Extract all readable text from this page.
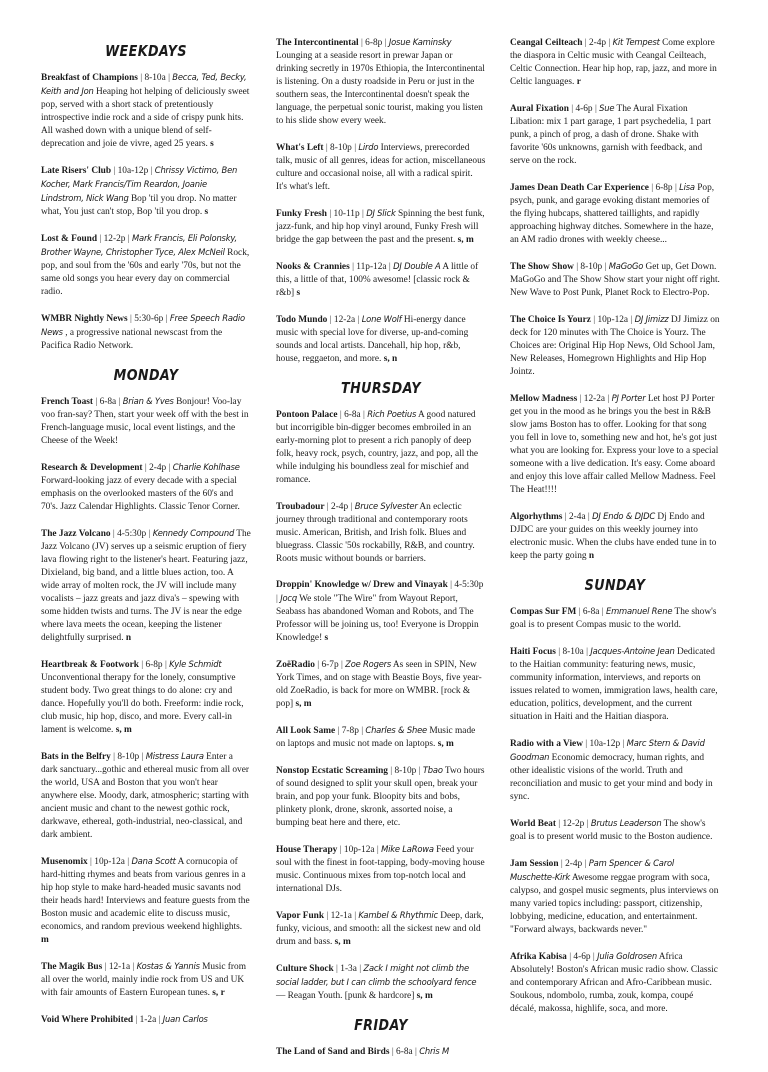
WEEKDAYS

Breakfast of Champions | 8-10a | Becca, Ted, Becky, Keith and Jon Heaping hot helping of deliciously sweet pop, served with a short stack of pretentiously introspective indie rock and a side of crispy punk hits. All washed down with a unique blend of self-deprecation and joie de vivre, aged 25 years. s

Late Risers' Club | 10a-12p | Chrissy Victimo, Ben Kocher, Mark Francis/Tim Reardon, Joanie Lindstrom, Nick Wang Bop 'til you drop. No matter what, You just can't stop, Bop 'til you drop. s

Lost & Found | 12-2p | Mark Francis, Eli Polonsky, Brother Wayne, Christopher Tyce, Alex McNeil Rock, pop, and soul from the '60s and early '70s, but not the same old songs you hear every day on commercial radio.

WMBR Nightly News | 5:30-6p | Free Speech Radio News , a progressive national newscast from the Pacifica Radio Network.

MONDAY

French Toast | 6-8a | Brian & Yves Bonjour! Voo-lay voo fran-say? Then, start your week off with the best in French-language music, local event listings, and the Cheese of the Week!

Research & Development | 2-4p | Charlie Kohlhase Forward-looking jazz of every decade with a special emphasis on the overlooked masters of the 60's and 70's. Jazz Calendar Highlights. Classic Tenor Corner.

The Jazz Volcano | 4-5:30p | Kennedy Compound The Jazz Volcano (JV) serves up a seismic eruption of fiery lava flowing right to the listener's heart. Featuring jazz, Dixieland, big band, and a little blues action, too. A wide array of molten rock, the JV will include many vocalists – jazz greats and jazz diva's – spewing with some hidden twists and turns. The JV is near the edge where lava meets the ocean, keeping the listener delightfully surprised. n

Heartbreak & Footwork | 6-8p | Kyle Schmidt Unconventional therapy for the lonely, consumptive student body. Two great things to do alone: cry and dance. Hopefully you'll do both. Freeform: indie rock, club music, hip hop, disco, and more. Every call-in lament is welcome. s, m

Bats in the Belfry | 8-10p | Mistress Laura Enter a dark sanctuary...gothic and ethereal music from all over the world, USA and Boston that you won't hear anywhere else. Moody, dark, atmospheric; starting with ancient music and chant to the newest gothic rock, darkwave, ethereal, goth-industrial, neo-classical, and dark ambient.

Musenomix | 10p-12a | Dana Scott A cornucopia of hard-hitting rhymes and beats from various genres in a hip hop style to make hard-headed music savants nod their heads hard! Interviews and feature guests from the Boston music and academic elite to discuss music, economics, and random previous weekend highlights. m

The Magik Bus | 12-1a | Kostas & Yannis Music from all over the world, mainly indie rock from US and UK with fair amounts of Eastern European tunes. s, r

Void Where Prohibited | 1-2a | Juan Carlos

The Intercontinental | 6-8p | Josue Kaminsky Lounging at a seaside resort in prewar Japan or drinking secretly in 1970s Ethiopia, the Intercontinental is listening. On a dusty roadside in Peru or just in the southern seas, the Intercontinental doesn't speak the language, the perpetual sonic tourist, making you listen to his slide show every week.

What's Left | 8-10p | Lirdo Interviews, prerecorded talk, music of all genres, ideas for action, miscellaneous culture and occasional noise, all with a radical spirit. It's what's left.

Funky Fresh | 10-11p | DJ Slick Spinning the best funk, jazz-funk, and hip hop vinyl around, Funky Fresh will bridge the gap between the past and the present. s, m

Nooks & Crannies | 11p-12a | DJ Double A A little of this, a little of that, 100% awesome! [classic rock & r&b] s

Todo Mundo | 12-2a | Lone Wolf Hi-energy dance music with special love for diverse, up-and-coming sounds and local artists. Dancehall, hip hop, r&b, house, reggaeton, and more. s, n

THURSDAY

Pontoon Palace | 6-8a | Rich Poetius A good natured but incorrigible bin-digger becomes embroiled in an early-morning plot to present a rich panoply of deep folk, heavy rock, psych, country, jazz, and pop, all the while indulging his boundless zeal for mischief and romance.

Troubadour | 2-4p | Bruce Sylvester An eclectic journey through traditional and contemporary roots music. American, British, and Irish folk. Blues and bluegrass. Classic '50s rockabilly, R&B, and country. Roots music without bounds or barriers.

Droppin' Knowledge w/ Drew and Vinayak | 4-5:30p | Jocq We stole "The Wire" from Wayout Report, Seabass has abandoned Woman and Robots, and The Professor will be joining us, too! Everyone is Droppin Knowledge! s

ZoëRadio | 6-7p | Zoe Rogers As seen in SPIN, New York Times, and on stage with Beastie Boys, five year-old ZoeRadio, is back for more on WMBR. [rock & pop] s, m

All Look Same | 7-8p | Charles & Shee Music made on laptops and music not made on laptops. s, m

Nonstop Ecstatic Screaming | 8-10p | Tbao Two hours of sound designed to split your skull open, break your brain, and pop your funk. Bloopity bits and bobs, plinkety plonk, drone, skronk, assorted noise, a bumping beat here and there, etc.

House Therapy | 10p-12a | Mike LaRowa Feed your soul with the finest in foot-tapping, body-moving house music. Continuous mixes from top-notch local and international DJs.

Vapor Funk | 12-1a | Kambel & Rhythmic Deep, dark, funky, vicious, and smooth: all the sickest new and old drum and bass. s, m

Culture Shock | 1-3a | Zack I might not climb the social ladder, but I can climb the schoolyard fence — Reagan Youth. [punk & hardcore] s, m

FRIDAY

The Land of Sand and Birds | 6-8a | Chris M

Ceangal Ceilteach | 2-4p | Kit Tempest Come explore the diaspora in Celtic music with Ceangal Ceilteach, Celtic Connection. Hear hip hop, rap, jazz, and more in Celtic languages. r

Aural Fixation | 4-6p | Sue The Aural Fixation Libation: mix 1 part garage, 1 part psychedelia, 1 part punk, a pinch of prog, a dash of drone. Shake with favorite '60s unknowns, garnish with feedback, and serve on the rock.

James Dean Death Car Experience | 6-8p | Lisa Pop, psych, punk, and garage evoking distant memories of the flying hubcaps, shattered taillights, and rapidly approaching highway ditches. Somewhere in the haze, an AM radio drones with weekly cheese...

The Show Show | 8-10p | MaGoGo Get up, Get Down. MaGoGo and The Show Show start your night off right. New Wave to Post Punk, Planet Rock to Electro-Pop.

The Choice Is Yourz | 10p-12a | DJ Jimizz DJ Jimizz on deck for 120 minutes with The Choice is Yourz. The Choices are: Original Hip Hop News, Old School Jam, New Releases, Homegrown Highlights and Hip Hop Jointz.

Mellow Madness | 12-2a | PJ Porter Let host PJ Porter get you in the mood as he brings you the best in R&B slow jams Boston has to offer. Looking for that song you fell in love to, something new and hot, he's got just what you are looking for. Express your love to a special someone with a live dedication. It's easy. Come aboard and enjoy this love affair called Mellow Madness. Feel The Heat!!!!

Algorhythms | 2-4a | DJ Endo & DJDC Dj Endo and DJDC are your guides on this weekly journey into electronic music. When the clubs have ended tune in to keep the party going n

SUNDAY

Compas Sur FM | 6-8a | Emmanuel Rene The show's goal is to present Compas music to the world.

Haiti Focus | 8-10a | Jacques-Antoine Jean Dedicated to the Haitian community: featuring news, music, community information, interviews, and reports on issues related to women, immigration laws, health care, education, politics, development, and the current situation in Haiti and the Haitian diaspora.

Radio with a View | 10a-12p | Marc Stern & David Goodman Economic democracy, human rights, and other idealistic visions of the world. Truth and reconciliation and music to get your mind and body in sync.

World Beat | 12-2p | Brutus Leaderson The show's goal is to present world music to the Boston audience.

Jam Session | 2-4p | Pam Spencer & Carol Muschette-Kirk Awesome reggae program with soca, calypso, and gospel music segments, plus interviews on many varied topics including: passport, citizenship, lobbying, medicine, education, and entertainment. "Forward always, backwards never."

Afrika Kabisa | 4-6p | Julia Goldrosen Africa Absolutely! Boston's African music radio show. Classic and contemporary African and Afro-Caribbean music. Soukous, ndombolo, rumba, zouk, kompa, coupé décalé, makossa, highlife, soca, and more.
